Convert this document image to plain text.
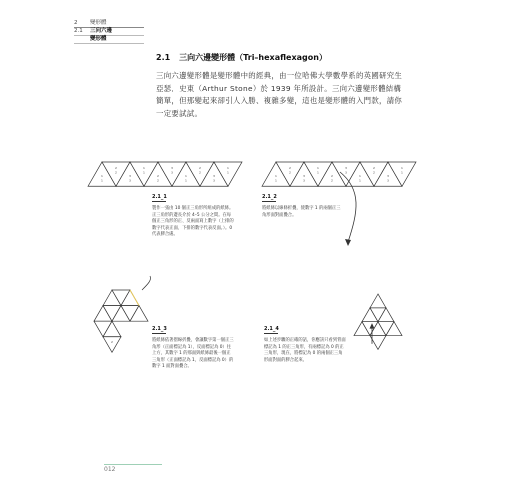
2	變形體
2.1	三向六邊
變形體
2.1 三向六邊變形體（Tri–hexaflexagon）
三向六邊變形體是變形體中的經典，由一位哈佛大學數學系的英國研究生亞瑟．史東（Arthur Stone）於 1939 年所設計。三向六邊變形體結構簡單，但那變起來卻引人入勝、複雜多變，這也是變形體的入門款，請你一定要試試。
1
1
2
2
3
3
1
1
2
2
3
3
1
1
2
2
3
3
1
1
1
1
2
2
3
3
1
1
2
2
3
3
1
1
2
2
3
3
1
1
2
2.1_1
製作一張由 10 個正三角形所組成的紙條。正三角形的邊長介於 4–5 公分之間。在每個正三角形的正、反兩面寫上數字（上排的數字代表正面、下排的數字代表反面。）。0 代表膠合處。
2.1_2
將紙條以線條折疊，使數字 1 的兩個正三角形面對面疊合。
2.1_3
將紙條依著摺線折疊，會讓數字第一個正三角形（正面標記為 1），反面標記為 0）往上方，其數字 1 的那面與紙條最後一個正三角形（正面標記為 1，反面標記為 0）的數字 1 面對面疊合。
2.1_4
如上述步驟的正確的話，你應該只看到背面標記為 1 的正三角形，有兩標記為 0 的正三角形，現在，將標記為 0 的兩個正三角形面對面的膠合起來。
012
